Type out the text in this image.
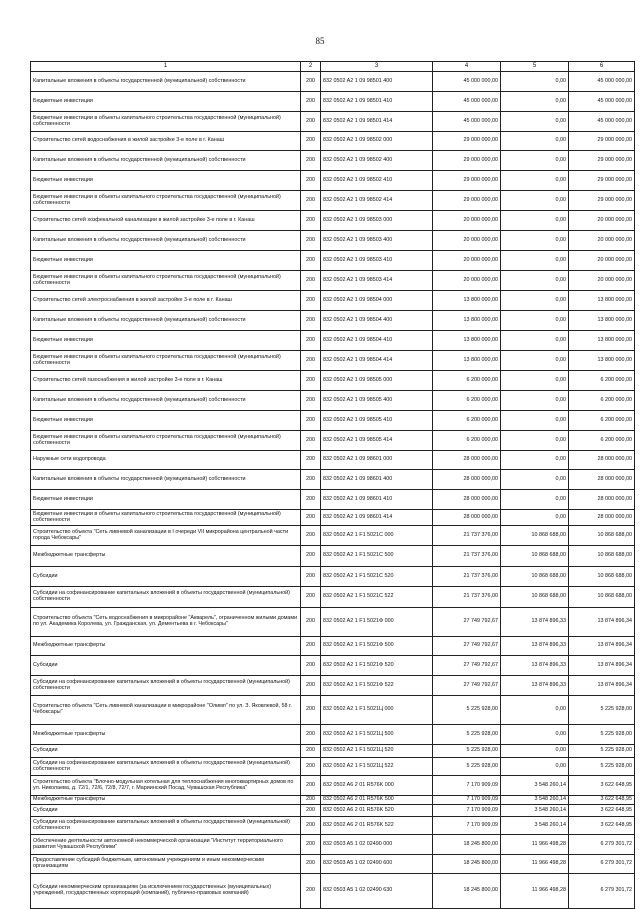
85
1	2	3	4	5	6
Капитальные вложения в объекты государственной (муниципальной) собственности	200	832 0502 A2 1 09 98501 400	45 000 000,00	0,00	45 000 000,00
Бюджетные инвестиции	200	832 0502 A2 1 09 98501 410	45 000 000,00	0,00	45 000 000,00
Бюджетные инвестиции в объекты капитального строительства государственной (муниципальной) собственности	200	832 0502 A2 1 09 98501 414	45 000 000,00	0,00	45 000 000,00
Строительство сетей водоснабжения в жилой застройке 3-е поле в г. Канаш	200	832 0502 A2 1 09 98502 000	29 000 000,00	0,00	29 000 000,00
Капитальные вложения в объекты государственной (муниципальной) собственности	200	832 0502 A2 1 09 98502 400	29 000 000,00	0,00	29 000 000,00
Бюджетные инвестиции	200	832 0502 A2 1 09 98502 410	29 000 000,00	0,00	29 000 000,00
Бюджетные инвестиции в объекты капитального строительства государственной (муниципальной) собственности	200	832 0502 A2 1 09 98502 414	29 000 000,00	0,00	29 000 000,00
Строительство сетей хозфекальной канализации в жилой застройке 3-е поле в г. Канаш	200	832 0502 A2 1 09 98503 000	20 000 000,00	0,00	20 000 000,00
Капитальные вложения в объекты государственной (муниципальной) собственности	200	832 0502 A2 1 09 98503 400	20 000 000,00	0,00	20 000 000,00
Бюджетные инвестиции	200	832 0502 A2 1 09 98503 410	20 000 000,00	0,00	20 000 000,00
Бюджетные инвестиции в объекты капитального строительства государственной (муниципальной) собственности	200	832 0502 A2 1 09 98503 414	20 000 000,00	0,00	20 000 000,00
Строительство сетей электроснабжения в жилой застройке 3-е поле в г. Канаш	200	832 0502 A2 1 09 98504 000	13 800 000,00	0,00	13 800 000,00
Капитальные вложения в объекты государственной (муниципальной) собственности	200	832 0502 A2 1 09 98504 400	13 800 000,00	0,00	13 800 000,00
Бюджетные инвестиции	200	832 0502 A2 1 09 98504 410	13 800 000,00	0,00	13 800 000,00
Бюджетные инвестиции в объекты капитального строительства государственной (муниципальной) собственности	200	832 0502 A2 1 09 98504 414	13 800 000,00	0,00	13 800 000,00
Строительство сетей газоснабжения в жилой застройке 3-е поле в г. Канаш	200	832 0502 A2 1 09 98505 000	6 200 000,00	0,00	6 200 000,00
Капитальные вложения в объекты государственной (муниципальной) собственности	200	832 0502 A2 1 09 98505 400	6 200 000,00	0,00	6 200 000,00
Бюджетные инвестиции	200	832 0502 A2 1 09 98505 410	6 200 000,00	0,00	6 200 000,00
Бюджетные инвестиции в объекты капитального строительства государственной (муниципальной) собственности	200	832 0502 A2 1 09 98505 414	6 200 000,00	0,00	6 200 000,00
Наружные сети водопровода	200	832 0502 A2 1 09 98601 000	28 000 000,00	0,00	28 000 000,00
Капитальные вложения в объекты государственной (муниципальной) собственности	200	832 0502 A2 1 09 98601 400	28 000 000,00	0,00	28 000 000,00
Бюджетные инвестиции	200	832 0502 A2 1 09 98601 410	28 000 000,00	0,00	28 000 000,00
Бюджетные инвестиции в объекты капитального строительства государственной (муниципальной) собственности	200	832 0502 A2 1 09 98601 414	28 000 000,00	0,00	28 000 000,00
Строительство объекта "Сеть ливневой канализации в I очереди VII микрорайона центральной части города Чебоксары"	200	832 0502 A2 1 F1 5021C 000	21 737 376,00	10 868 688,00	10 868 688,00
Межбюджетные трансферты	200	832 0502 A2 1 F1 5021C 500	21 737 376,00	10 868 688,00	10 868 688,00
Субсидии	200	832 0502 A2 1 F1 5021C 520	21 737 376,00	10 868 688,00	10 868 688,00
Субсидии на софинансирование капитальных вложений в объекты государственной (муниципальной) собственности	200	832 0502 A2 1 F1 5021C 522	21 737 376,00	10 868 688,00	10 868 688,00
Строительство объекта "Сеть водоснабжения в микрорайоне "Акварель", ограниченном жилыми домами по ул. Академика Королева, ул. Гражданская, ул. Дементьева в г. Чебоксары"	200	832 0502 A2 1 F1 5021Ф 000	27 749 792,67	13 874 896,33	13 874 896,34
Межбюджетные трансферты	200	832 0502 A2 1 F1 5021Ф 500	27 749 792,67	13 874 896,33	13 874 896,34
Субсидии	200	832 0502 A2 1 F1 5021Ф 520	27 749 792,67	13 874 896,33	13 874 896,34
Субсидии на софинансирование капитальных вложений в объекты государственной (муниципальной) собственности	200	832 0502 A2 1 F1 5021Ф 522	27 749 792,67	13 874 896,33	13 874 896,34
Строительство объекта "Сеть ливневой канализации в микрорайоне "Олимп" по ул. З. Яковлевой, 58 г. Чебоксары"	200	832 0502 A2 1 F1 5021Ц 000	5 225 928,00	0,00	5 225 928,00
Межбюджетные трансферты	200	832 0502 A2 1 F1 5021Ц 500	5 225 928,00	0,00	5 225 928,00
Субсидии	200	832 0502 A2 1 F1 5021Ц 520	5 225 928,00	0,00	5 225 928,00
Субсидии на софинансирование капитальных вложений в объекты государственной (муниципальной) собственности	200	832 0502 A2 1 F1 5021Ц 522	5 225 928,00	0,00	5 225 928,00
Строительство объекта "Блочно-модульная котельная для теплоснабжения многоквартирных домов по ул. Николаева, д. 72/1, 72/6, 72/8, 72/7, г. Мариинский Посад, Чувашская Республика"	200	832 0502 A6 2 01 R576K 000	7 170 909,09	3 548 260,14	3 622 648,95
Межбюджетные трансферты	200	832 0502 A6 2 01 R576K 500	7 170 909,09	3 548 260,14	3 622 648,95
Субсидии	200	832 0502 A6 2 01 R576K 520	7 170 909,09	3 548 260,14	3 622 648,95
Субсидии на софинансирование капитальных вложений в объекты государственной (муниципальной) собственности	200	832 0502 A6 2 01 R576K 522	7 170 909,09	3 548 260,14	3 622 648,95
Обеспечение деятельности автономной некоммерческой организации "Институт территориального развития Чувашской Республики"	200	832 0503 A5 1 02 02490 000	18 245 800,00	11 966 498,28	6 279 301,72
Предоставление субсидий бюджетным, автономным учреждениям и иным некоммерческим организациям	200	832 0503 A5 1 02 02490 600	18 245 800,00	11 966 498,28	6 279 301,72
Субсидии некоммерческим организациям (за исключением государственных (муниципальных) учреждений, государственных корпораций (компаний), публично-правовых компаний)	200	832 0503 A5 1 02 02490 630	18 245 800,00	11 966 498,28	6 279 301,72
